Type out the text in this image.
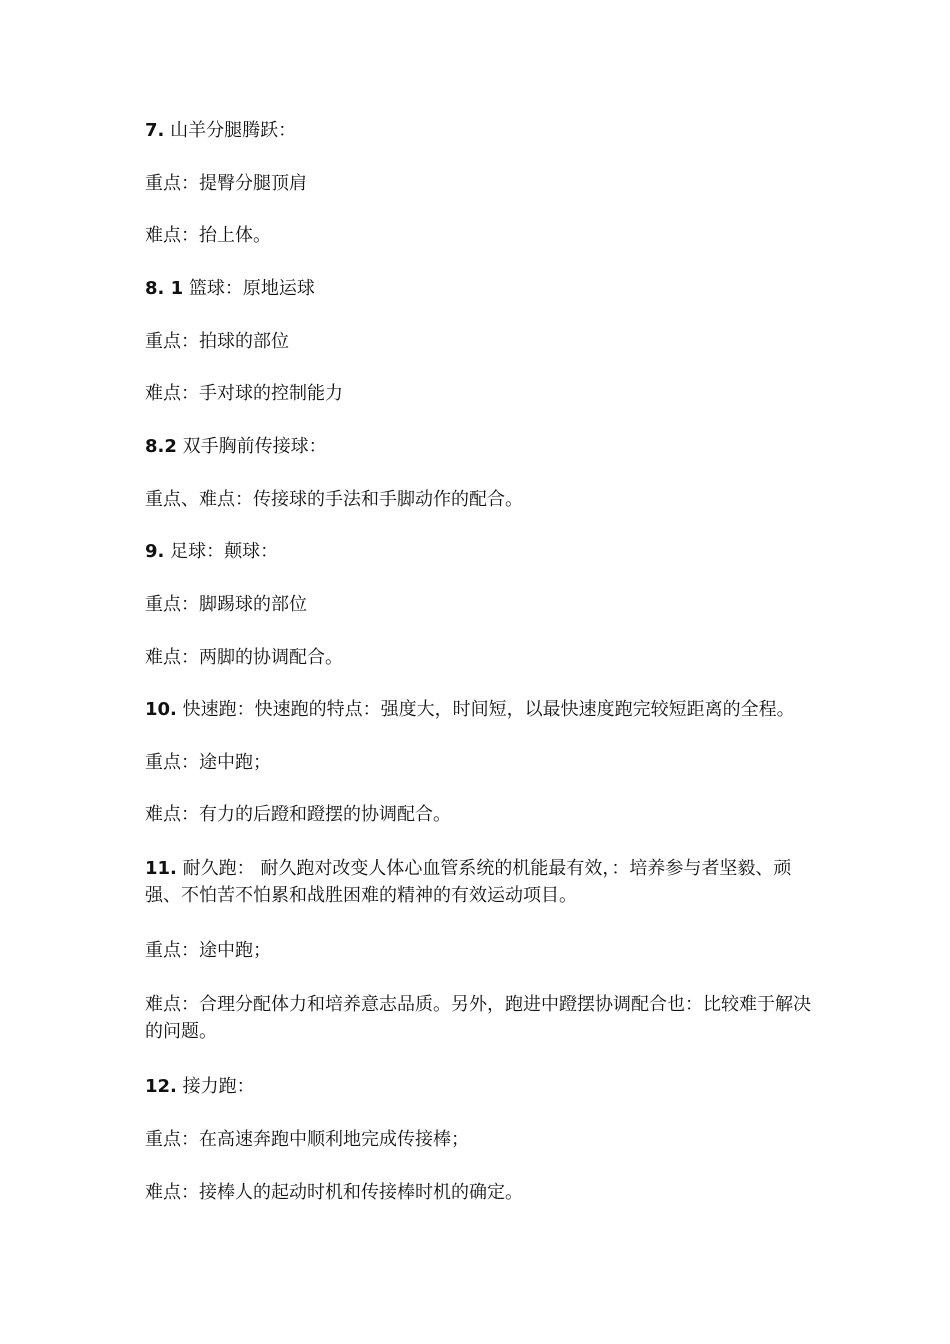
7. 山羊分腿腾跃：
重点：提臀分腿顶肩
难点：抬上体。
8. 1 篮球：原地运球
重点：拍球的部位
难点：手对球的控制能力
8.2 双手胸前传接球：
重点、难点：传接球的手法和手脚动作的配合。
9. 足球：颠球：
重点：脚踢球的部位
难点：两脚的协调配合。
10. 快速跑：快速跑的特点：强度大，时间短，以最快速度跑完较短距离的全程。
重点：途中跑；
难点：有力的后蹬和蹬摆的协调配合。
11. 耐久跑： 耐久跑对改变人体心血管系统的机能最有效，：培养参与者坚毅、顽强、不怕苦不怕累和战胜困难的精神的有效运动项目。
重点：途中跑；
难点：合理分配体力和培养意志品质。另外，跑进中蹬摆协调配合也：比较难于解决的问题。
12. 接力跑：
重点：在高速奔跑中顺利地完成传接棒；
难点：接棒人的起动时机和传接棒时机的确定。
